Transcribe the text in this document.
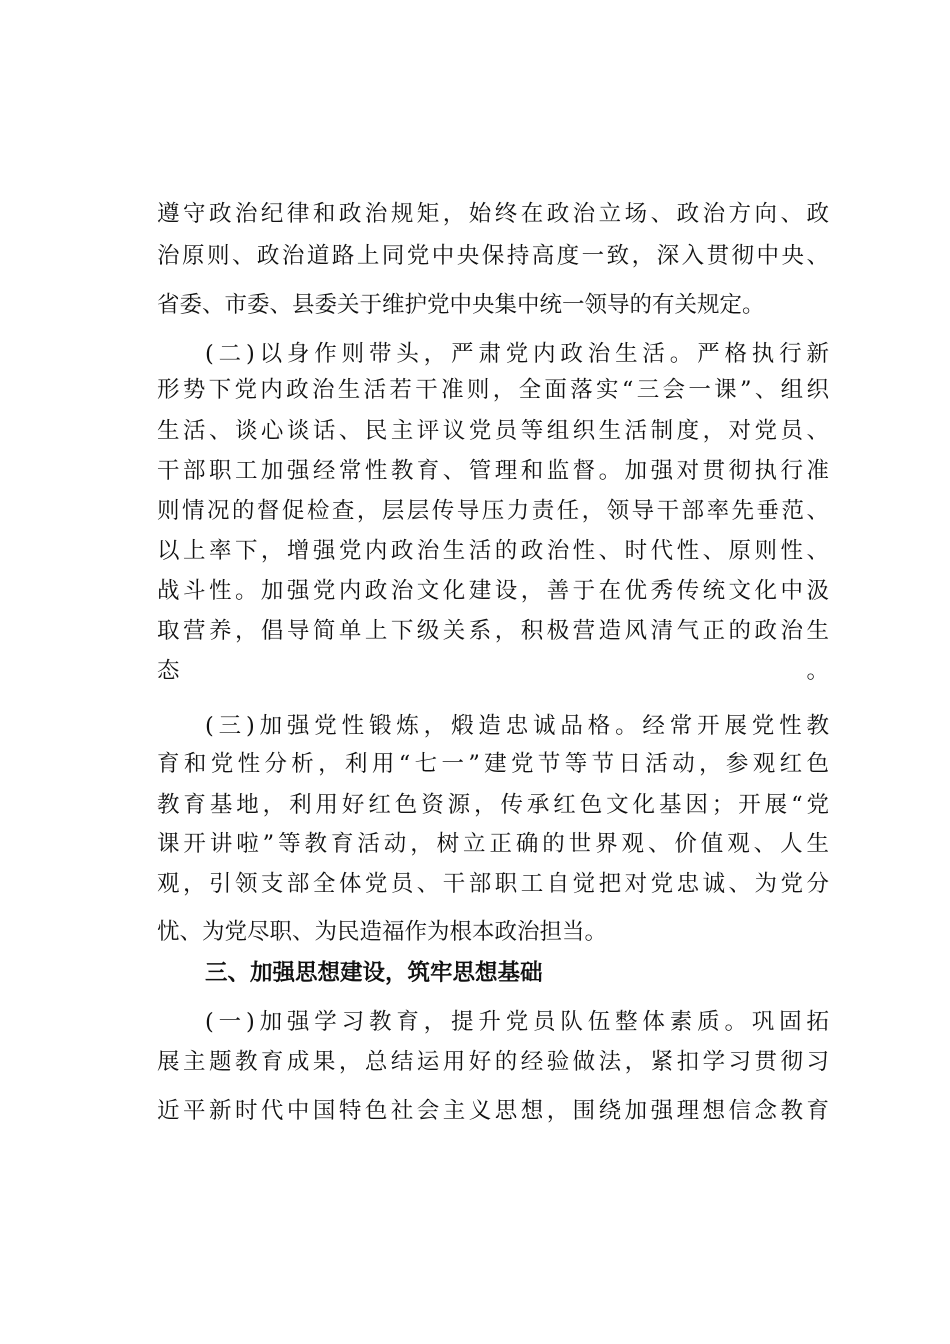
遵守政治纪律和政治规矩，始终在政治立场、政治方向、政
治原则、政治道路上同党中央保持高度一致，深入贯彻中央、
省委、市委、县委关于维护党中央集中统一领导的有关规定。
(二)以身作则带头，严肃党内政治生活。严格执行新
形势下党内政治生活若干准则，全面落实“三会一课”、组织
生活、谈心谈话、民主评议党员等组织生活制度，对党员、
干部职工加强经常性教育、管理和监督。加强对贯彻执行准
则情况的督促检查，层层传导压力责任，领导干部率先垂范、
以上率下，增强党内政治生活的政治性、时代性、原则性、
战斗性。加强党内政治文化建设，善于在优秀传统文化中汲
取营养，倡导简单上下级关系，积极营造风清气正的政治生
态。
(三)加强党性锻炼，煅造忠诚品格。经常开展党性教
育和党性分析，利用“七一”建党节等节日活动，参观红色
教育基地，利用好红色资源，传承红色文化基因；开展“党
课开讲啦”等教育活动，树立正确的世界观、价值观、人生
观，引领支部全体党员、干部职工自觉把对党忠诚、为党分
忧、为党尽职、为民造福作为根本政治担当。
三、加强思想建设，筑牢思想基础
(一)加强学习教育，提升党员队伍整体素质。巩固拓
展主题教育成果，总结运用好的经验做法，紧扣学习贯彻习
近平新时代中国特色社会主义思想，围绕加强理想信念教育
